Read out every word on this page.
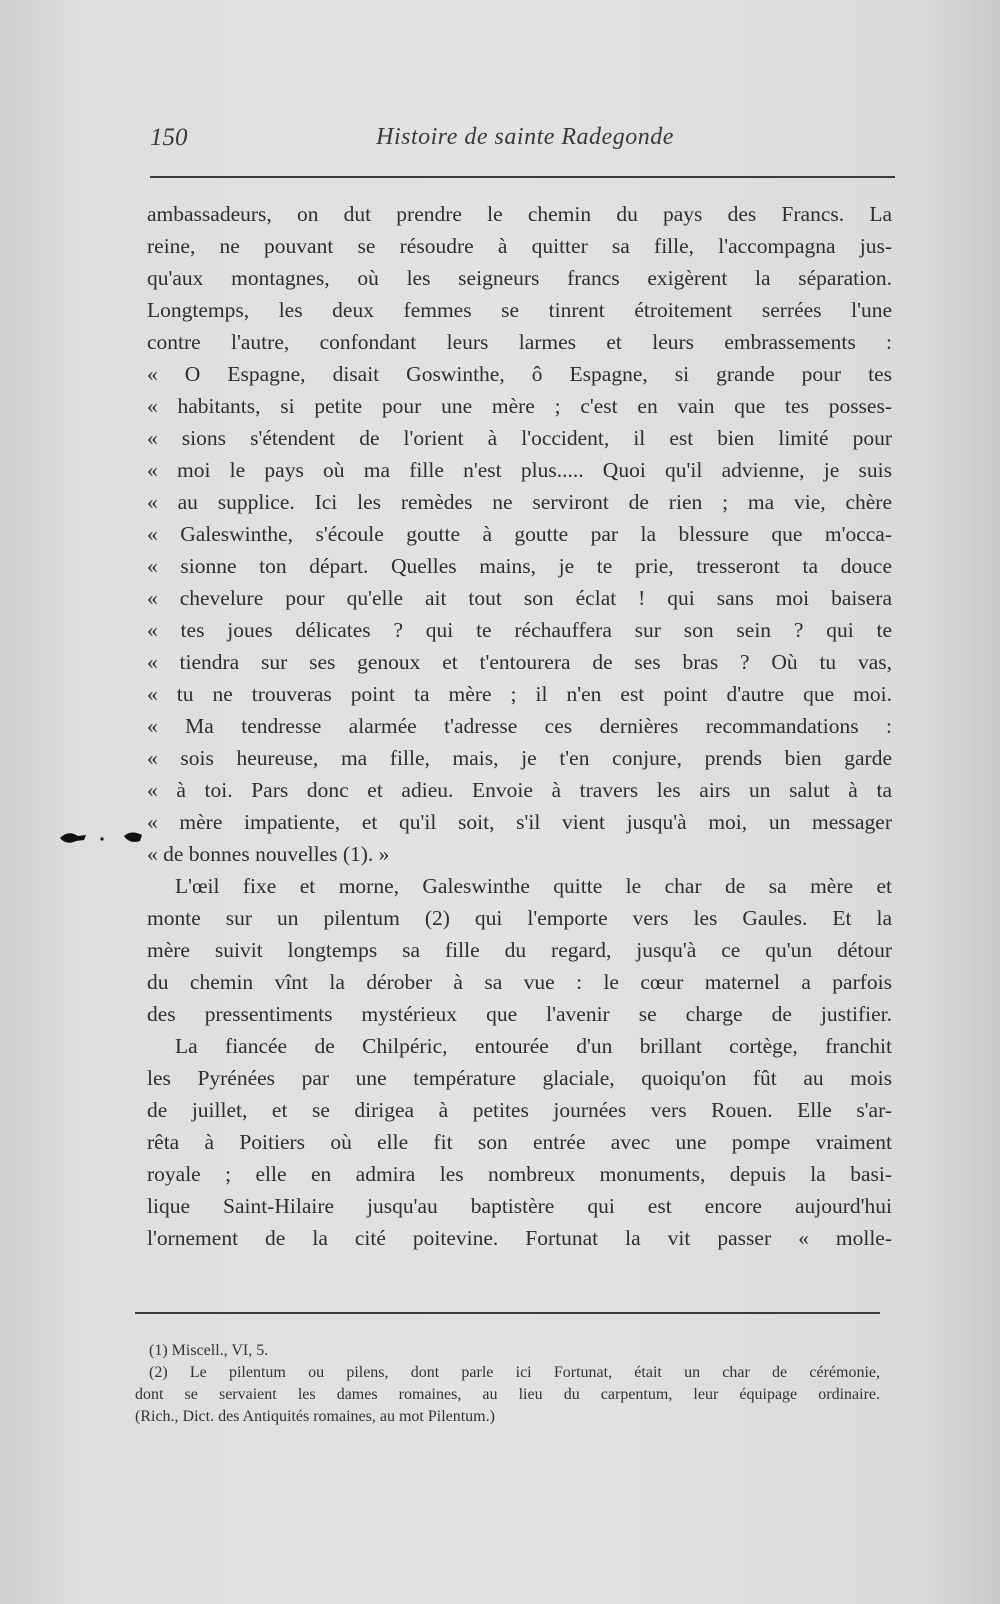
150	Histoire de sainte Radegonde
ambassadeurs, on dut prendre le chemin du pays des Francs. La
reine, ne pouvant se résoudre à quitter sa fille, l'accompagna jus-
qu'aux montagnes, où les seigneurs francs exigèrent la séparation.
Longtemps, les deux femmes se tinrent étroitement serrées l'une
contre l'autre, confondant leurs larmes et leurs embrassements :
« O Espagne, disait Goswinthe, ô Espagne, si grande pour tes
« habitants, si petite pour une mère ; c'est en vain que tes posses-
« sions s'étendent de l'orient à l'occident, il est bien limité pour
« moi le pays où ma fille n'est plus..... Quoi qu'il advienne, je suis
« au supplice. Ici les remèdes ne serviront de rien ; ma vie, chère
« Galeswinthe, s'écoule goutte à goutte par la blessure que m'occa-
« sionne ton départ. Quelles mains, je te prie, tresseront ta douce
« chevelure pour qu'elle ait tout son éclat ! qui sans moi baisera
« tes joues délicates ? qui te réchauffera sur son sein ? qui te
« tiendra sur ses genoux et t'entourera de ses bras ? Où tu vas,
« tu ne trouveras point ta mère ; il n'en est point d'autre que moi.
« Ma tendresse alarmée t'adresse ces dernières recommandations :
« sois heureuse, ma fille, mais, je t'en conjure, prends bien garde
« à toi. Pars donc et adieu. Envoie à travers les airs un salut à ta
« mère impatiente, et qu'il soit, s'il vient jusqu'à moi, un messager
« de bonnes nouvelles (1). »
L'œil fixe et morne, Galeswinthe quitte le char de sa mère et
monte sur un pilentum (2) qui l'emporte vers les Gaules. Et la
mère suivit longtemps sa fille du regard, jusqu'à ce qu'un détour
du chemin vînt la dérober à sa vue : le cœur maternel a parfois
des pressentiments mystérieux que l'avenir se charge de justifier.
La fiancée de Chilpéric, entourée d'un brillant cortège, franchit
les Pyrénées par une température glaciale, quoiqu'on fût au mois
de juillet, et se dirigea à petites journées vers Rouen. Elle s'ar-
rêta à Poitiers où elle fit son entrée avec une pompe vraiment
royale ; elle en admira les nombreux monuments, depuis la basi-
lique Saint-Hilaire jusqu'au baptistère qui est encore aujourd'hui
l'ornement de la cité poitevine. Fortunat la vit passer « molle-
(1) Miscell., VI, 5.
(2) Le pilentum ou pilens, dont parle ici Fortunat, était un char de cérémonie,
dont se servaient les dames romaines, au lieu du carpentum, leur équipage ordinaire.
(Rich., Dict. des Antiquités romaines, au mot Pilentum.)
